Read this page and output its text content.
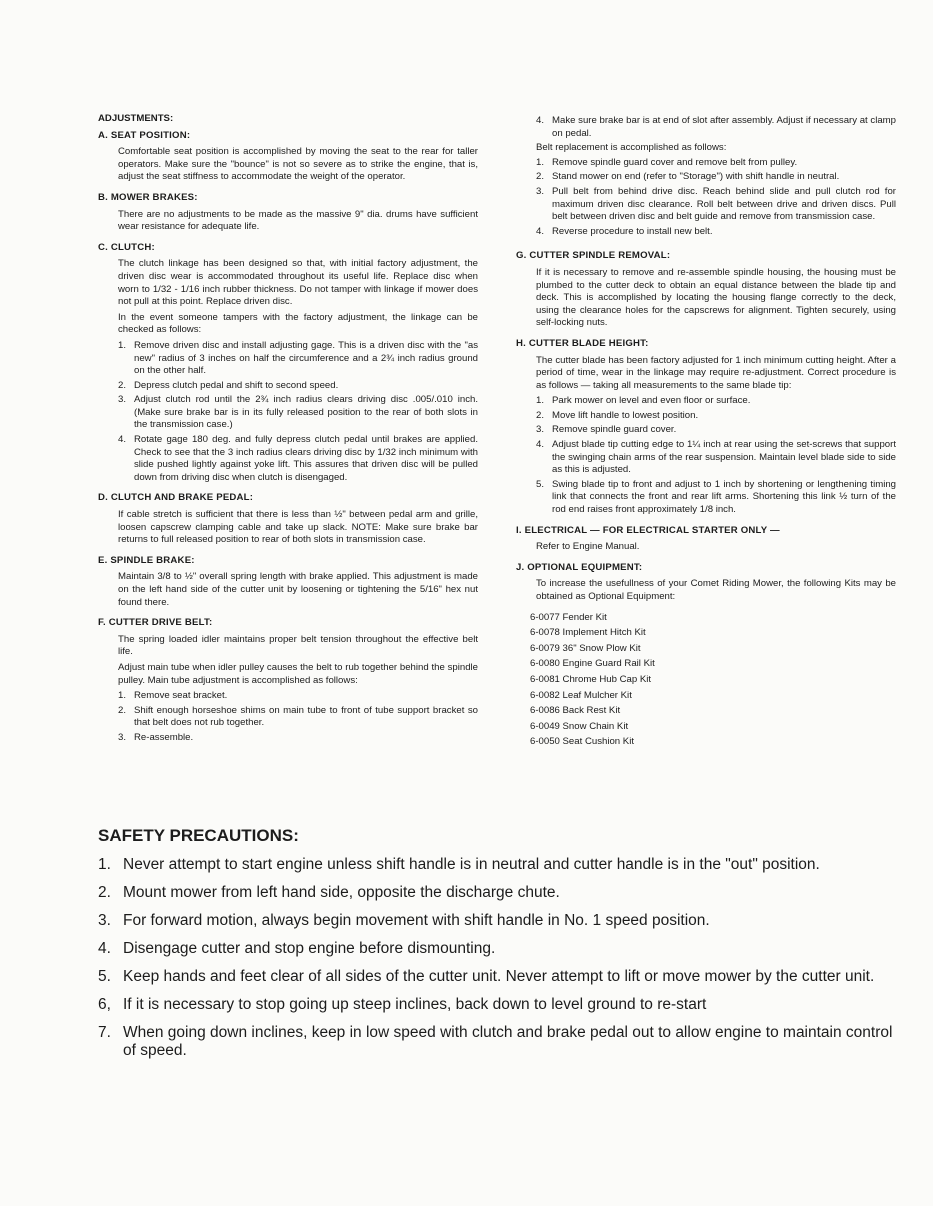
ADJUSTMENTS:
A. SEAT POSITION:

Comfortable seat position is accomplished by moving the seat to the rear for taller operators. Make sure the "bounce" is not so severe as to strike the engine, that is, adjust the seat stiffness to accommodate the weight of the operator.

B. MOWER BRAKES:

There are no adjustments to be made as the massive 9" dia. drums have sufficient wear resistance for adequate life.

C. CLUTCH:

The clutch linkage has been designed so that, with initial factory adjustment, the driven disc wear is accommodated throughout its useful life. Replace disc when worn to 1/32 - 1/16 inch rubber thickness. Do not tamper with linkage if mower does not pull at this point. Replace driven disc.

In the event someone tampers with the factory adjustment, the linkage can be checked as follows:

1. Remove driven disc and install adjusting gage. This is a driven disc with the "as new" radius of 3 inches on half the circumference and a 2¾ inch radius ground on the other half.
2. Depress clutch pedal and shift to second speed.
3. Adjust clutch rod until the 2¾ inch radius clears driving disc .005/.010 inch. (Make sure brake bar is in its fully released position to the rear of both slots in the transmission case.)
4. Rotate gage 180 deg. and fully depress clutch pedal until brakes are applied. Check to see that the 3 inch radius clears driving disc by 1/32 inch minimum with slide pushed lightly against yoke lift. This assures that driven disc will be pulled down from driving disc when clutch is disengaged.
D. CLUTCH AND BRAKE PEDAL:

If cable stretch is sufficient that there is less than ½" between pedal arm and grille, loosen capscrew clamping cable and take up slack. NOTE: Make sure brake bar returns to full released position to rear of both slots in transmission case.

E. SPINDLE BRAKE:

Maintain 3/8 to ½" overall spring length with brake applied. This adjustment is made on the left hand side of the cutter unit by loosening or tightening the 5/16" hex nut found there.

F. CUTTER DRIVE BELT:

The spring loaded idler maintains proper belt tension throughout the effective belt life.

Adjust main tube when idler pulley causes the belt to rub together behind the spindle pulley. Main tube adjustment is accomplished as follows:

1. Remove seat bracket.
2. Shift enough horseshoe shims on main tube to front of tube support bracket so that belt does not rub together.
3. Re-assemble.
4. Make sure brake bar is at end of slot after assembly. Adjust if necessary at clamp on pedal.
Belt replacement is accomplished as follows:
1. Remove spindle guard cover and remove belt from pulley.
2. Stand mower on end (refer to "Storage") with shift handle in neutral.
3. Pull belt from behind drive disc. Reach behind slide and pull clutch rod for maximum driven disc clearance. Roll belt between drive and driven discs. Pull belt between driven disc and belt guide and remove from transmission case.
4. Reverse procedure to install new belt.
G. CUTTER SPINDLE REMOVAL:

If it is necessary to remove and re-assemble spindle housing, the housing must be plumbed to the cutter deck to obtain an equal distance between the blade tip and deck. This is accomplished by locating the housing flange correctly to the deck, using the clearance holes for the capscrews for alignment. Tighten securely, using self-locking nuts.

H. CUTTER BLADE HEIGHT:

The cutter blade has been factory adjusted for 1 inch minimum cutting height. After a period of time, wear in the linkage may require re-adjustment. Correct procedure is as follows — taking all measurements to the same blade tip:

1. Park mower on level and even floor or surface.
2. Move lift handle to lowest position.
3. Remove spindle guard cover.
4. Adjust blade tip cutting edge to 1¼ inch at rear using the set-screws that support the swinging chain arms of the rear suspension. Maintain level blade side to side as this is adjusted.
5. Swing blade tip to front and adjust to 1 inch by shortening or lengthening timing link that connects the front and rear lift arms. Shortening this link ½ turn of the rod end raises front approximately 1/8 inch.
I. ELECTRICAL — FOR ELECTRICAL STARTER ONLY —

Refer to Engine Manual.

J. OPTIONAL EQUIPMENT:

To increase the usefullness of your Comet Riding Mower, the following Kits may be obtained as Optional Equipment:

6-0077 Fender Kit
6-0078 Implement Hitch Kit
6-0079 36" Snow Plow Kit
6-0080 Engine Guard Rail Kit
6-0081 Chrome Hub Cap Kit
6-0082 Leaf Mulcher Kit
6-0086 Back Rest Kit
6-0049 Snow Chain Kit
6-0050 Seat Cushion Kit
SAFETY PRECAUTIONS:
1. Never attempt to start engine unless shift handle is in neutral and cutter handle is in the "out" position.
2. Mount mower from left hand side, opposite the discharge chute.
3. For forward motion, always begin movement with shift handle in No. 1 speed position.
4. Disengage cutter and stop engine before dismounting.
5. Keep hands and feet clear of all sides of the cutter unit. Never attempt to lift or move mower by the cutter unit.
6, If it is necessary to stop going up steep inclines, back down to level ground to re-start
7. When going down inclines, keep in low speed with clutch and brake pedal out to allow engine to maintain control of speed.
